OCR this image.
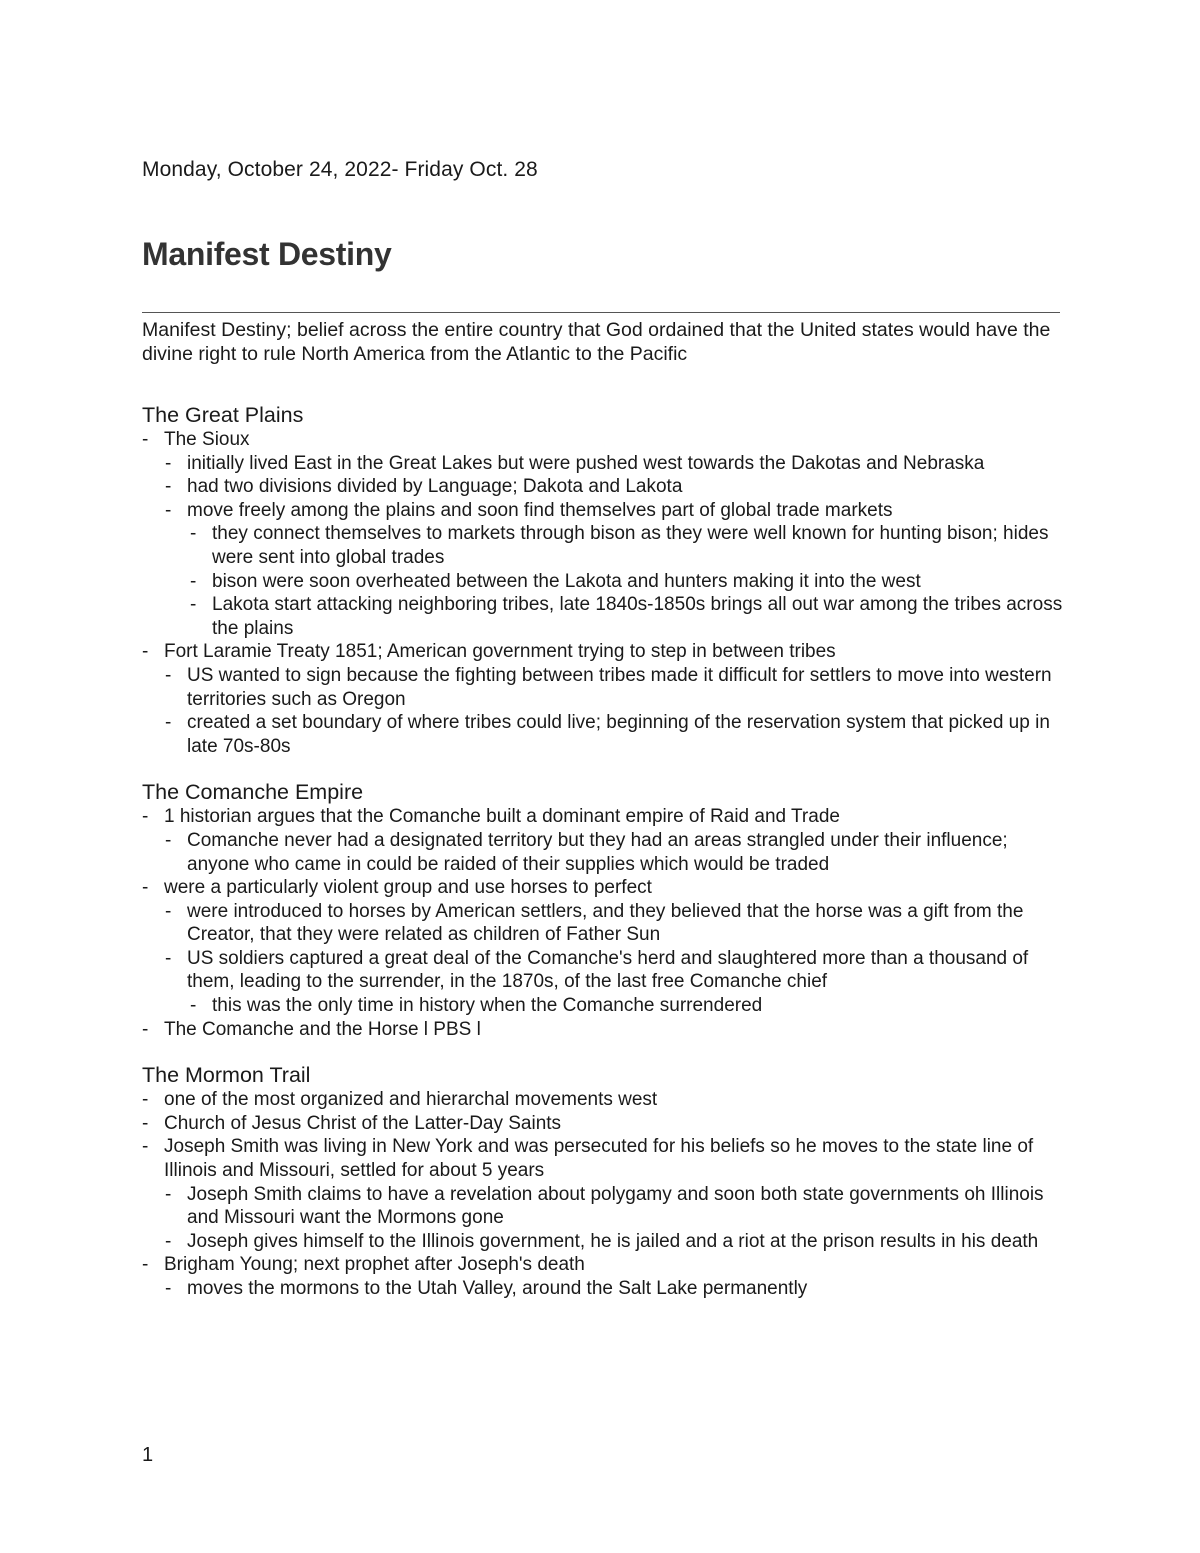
Monday, October 24, 2022- Friday Oct. 28
Manifest Destiny
Manifest Destiny; belief across the entire country that God ordained that the United states would have the divine right to rule North America from the Atlantic to the Pacific
The Great Plains
- The Sioux
- initially lived East in the Great Lakes but were pushed west towards the Dakotas and Nebraska
- had two divisions divided by Language; Dakota and Lakota
- move freely among the plains and soon find themselves part of global trade markets
- they connect themselves to markets through bison as they were well known for hunting bison; hides were sent into global trades
- bison were soon overheated between the Lakota and hunters making it into the west
- Lakota start attacking neighboring tribes, late 1840s-1850s brings all out war among the tribes across the plains
- Fort Laramie Treaty 1851; American government trying to step in between tribes
- US wanted to sign because the fighting between tribes made it difficult for settlers to move into western territories such as Oregon
- created a set boundary of where tribes could live; beginning of the reservation system that picked up in late 70s-80s
The Comanche Empire
- 1 historian argues that the Comanche built a dominant empire of Raid and Trade
- Comanche never had a designated territory but they had an areas strangled under their influence; anyone who came in could be raided of their supplies which would be traded
- were a particularly violent group and use horses to perfect
- were introduced to horses by American settlers, and they believed that the horse was a gift from the Creator, that they were related as children of Father Sun
- US soldiers captured a great deal of the Comanche's herd and slaughtered more than a thousand of them, leading to the surrender, in the 1870s, of the last free Comanche chief
- this was the only time in history when the Comanche surrendered
- The Comanche and the Horse l PBS l
The Mormon Trail
- one of the most organized and hierarchal movements west
- Church of Jesus Christ of the Latter-Day Saints
- Joseph Smith was living in New York and was persecuted for his beliefs so he moves to the state line of Illinois and Missouri, settled for about 5 years
- Joseph Smith claims to have a revelation about polygamy and soon both state governments oh Illinois and Missouri want the Mormons gone
- Joseph gives himself to the Illinois government, he is jailed and a riot at the prison results in his death
- Brigham Young; next prophet after Joseph's death
- moves the mormons to the Utah Valley, around the Salt Lake permanently
1
